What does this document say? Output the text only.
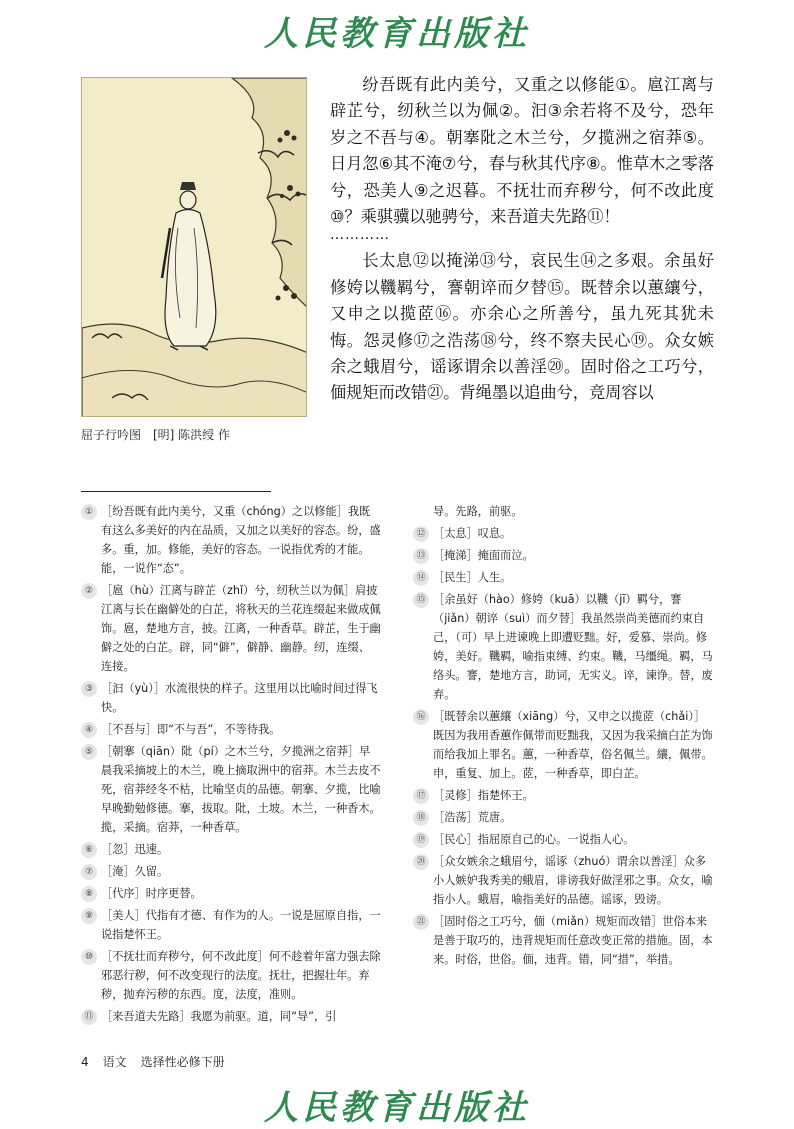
人民教育出版社
屈子行吟图　[明] 陈洪绶 作

纷吾既有此内美兮，又重之以修能①。扈江离与辟芷兮，纫秋兰以为佩②。汩③余若将不及兮，恐年岁之不吾与④。朝搴阰之木兰兮，夕揽洲之宿莽⑤。日月忽⑥其不淹⑦兮，春与秋其代序⑧。惟草木之零落兮，恐美人⑨之迟暮。不抚壮而弃秽兮，何不改此度⑩？乘骐骥以驰骋兮，来吾道夫先路⑪！

…………

长太息⑫以掩涕⑬兮，哀民生⑭之多艰。余虽好修姱以鞿羁兮，謇朝谇而夕替⑮。既替余以蕙纕兮，又申之以揽茝⑯。亦余心之所善兮，虽九死其犹未悔。怨灵修⑰之浩荡⑱兮，终不察夫民心⑲。众女嫉余之蛾眉兮，谣诼谓余以善淫⑳。固时俗之工巧兮，偭规矩而改错㉑。背绳墨以追曲兮，竞周容以

① ［纷吾既有此内美兮，又重（chóng）之以修能］我既有这么多美好的内在品质，又加之以美好的容态。纷，盛多。重，加。修能，美好的容态。一说指优秀的才能。能，一说作“态”。
② ［扈（hù）江离与辟芷（zhǐ）兮，纫秋兰以为佩］肩披江离与长在幽僻处的白芷，将秋天的兰花连缀起来做成佩饰。扈，楚地方言，披。江离，一种香草。辟芷，生于幽僻之处的白芷。辟，同“僻”，僻静、幽静。纫，连缀、连接。
③ ［汩（yù）］水流很快的样子。这里用以比喻时间过得飞快。
④ ［不吾与］即“不与吾”，不等待我。
⑤ ［朝搴（qiān）阰（pí）之木兰兮，夕揽洲之宿莽］早晨我采摘坡上的木兰，晚上摘取洲中的宿莽。木兰去皮不死，宿莽经冬不枯，比喻坚贞的品德。朝搴、夕揽，比喻早晚勤勉修德。搴，拔取。阰，土坡。木兰，一种香木。揽，采摘。宿莽，一种香草。
⑥ ［忽］迅速。
⑦ ［淹］久留。
⑧ ［代序］时序更替。
⑨ ［美人］代指有才德、有作为的人。一说是屈原自指，一说指楚怀王。
⑩ ［不抚壮而弃秽兮，何不改此度］何不趁着年富力强去除邪恶行秽，何不改变现行的法度。抚壮，把握壮年。弃秽，抛弃污秽的东西。度，法度，准则。
⑪ ［来吾道夫先路］我愿为前驱。道，同“导”，引
导。先路，前驱。
⑫ ［太息］叹息。
⑬ ［掩涕］掩面而泣。
⑭ ［民生］人生。
⑮ ［余虽好（hào）修姱（kuā）以鞿（jī）羁兮，謇（jiǎn）朝谇（suì）而夕替］我虽然崇尚美德而约束自己，（可）早上进谏晚上即遭贬黜。好，爱慕、崇尚。修姱，美好。鞿羁，喻指束缚、约束。鞿，马缰绳。羁，马络头。謇，楚地方言，助词，无实义。谇，谏诤。替，废弃。
⑯ ［既替余以蕙纕（xiāng）兮，又申之以揽茝（chǎi）］既因为我用香蕙作佩带而贬黜我，又因为我采摘白芷为饰而给我加上罪名。蕙，一种香草，俗名佩兰。纕，佩带。申，重复、加上。茝，一种香草，即白芷。
⑰ ［灵修］指楚怀王。
⑱ ［浩荡］荒唐。
⑲ ［民心］指屈原自己的心。一说指人心。
⑳ ［众女嫉余之蛾眉兮，谣诼（zhuó）谓余以善淫］众多小人嫉妒我秀美的蛾眉，诽谤我好做淫邪之事。众女，喻指小人。蛾眉，喻指美好的品德。谣诼，毁谤。
㉑ ［固时俗之工巧兮，偭（miǎn）规矩而改错］世俗本来是善于取巧的，违背规矩而任意改变正常的措施。固，本来。时俗，世俗。偭，违背。错，同“措”，举措。
4 语文 选择性必修下册
人民教育出版社
